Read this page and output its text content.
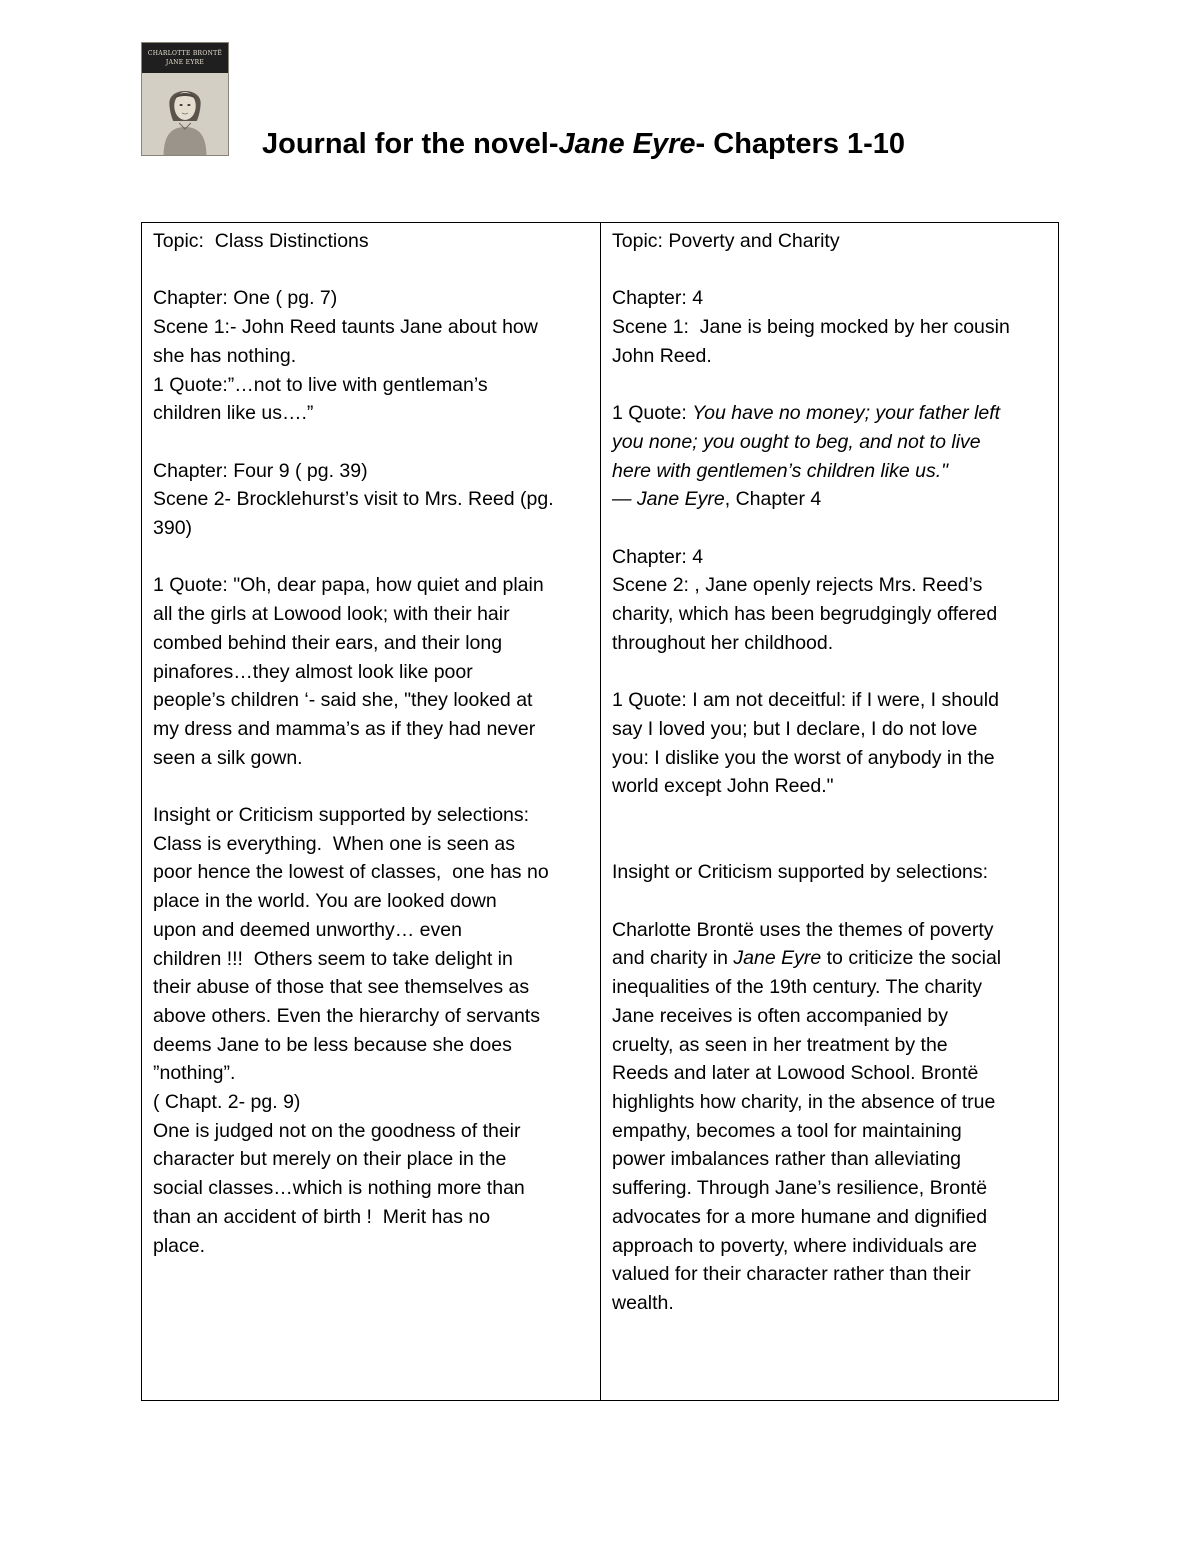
CHARLOTTE BRONTË
JANE EYRE
Journal for the novel-Jane Eyre- Chapters 1-10
Topic:  Class Distinctions
Chapter: One ( pg. 7)
Scene 1:- John Reed taunts Jane about how
she has nothing.
1 Quote:”…not to live with gentleman’s
children like us….”
Chapter: Four 9 ( pg. 39)
Scene 2- Brocklehurst’s visit to Mrs. Reed (pg.
390)
1 Quote: "Oh, dear papa, how quiet and plain
all the girls at Lowood look; with their hair
combed behind their ears, and their long
pinafores…they almost look like poor
people’s children ‘- said she, "they looked at
my dress and mamma’s as if they had never
seen a silk gown.
Insight or Criticism supported by selections:
Class is everything.  When one is seen as
poor hence the lowest of classes,  one has no
place in the world. You are looked down
upon and deemed unworthy… even
children !!!  Others seem to take delight in
their abuse of those that see themselves as
above others. Even the hierarchy of servants
deems Jane to be less because she does
”nothing”.
( Chapt. 2- pg. 9)
One is judged not on the goodness of their
character but merely on their place in the
social classes…which is nothing more than
than an accident of birth !  Merit has no
place.
Topic: Poverty and Charity
Chapter: 4
Scene 1:  Jane is being mocked by her cousin
John Reed.
1 Quote: You have no money; your father left
you none; you ought to beg, and not to live
here with gentlemen’s children like us."
― Jane Eyre, Chapter 4
Chapter: 4
Scene 2: , Jane openly rejects Mrs. Reed’s
charity, which has been begrudgingly offered
throughout her childhood.
1 Quote: I am not deceitful: if I were, I should
say I loved you; but I declare, I do not love
you: I dislike you the worst of anybody in the
world except John Reed."
Insight or Criticism supported by selections:
Charlotte Brontë uses the themes of poverty
and charity in Jane Eyre to criticize the social
inequalities of the 19th century. The charity
Jane receives is often accompanied by
cruelty, as seen in her treatment by the
Reeds and later at Lowood School. Brontë
highlights how charity, in the absence of true
empathy, becomes a tool for maintaining
power imbalances rather than alleviating
suffering. Through Jane’s resilience, Brontë
advocates for a more humane and dignified
approach to poverty, where individuals are
valued for their character rather than their
wealth.
